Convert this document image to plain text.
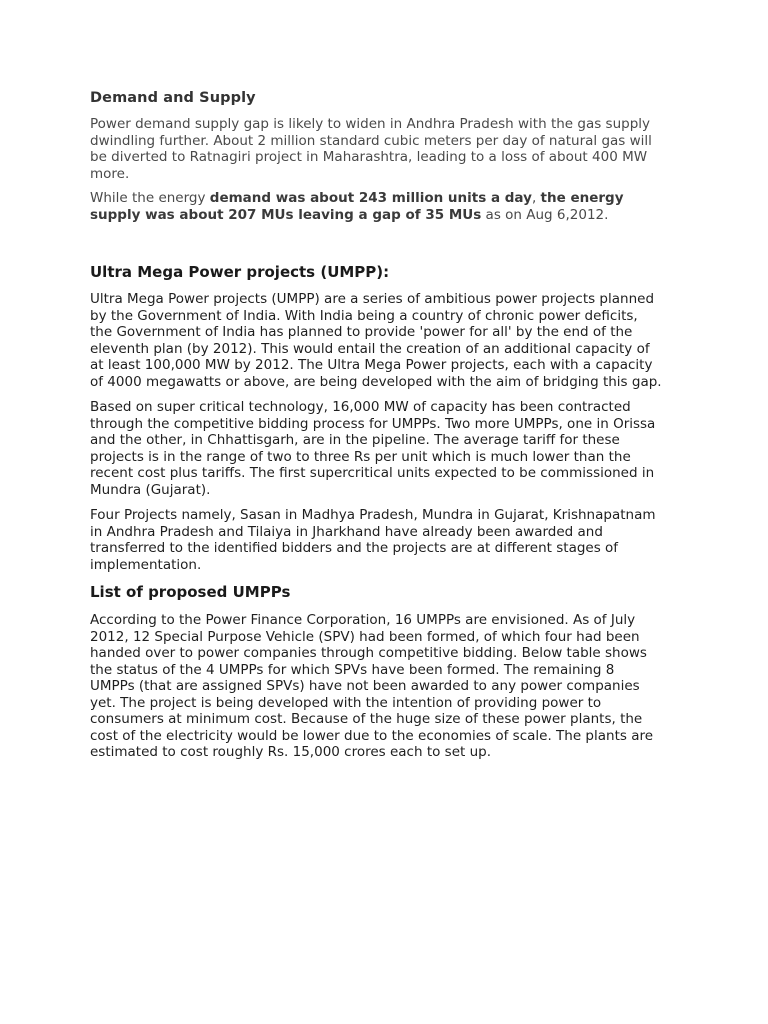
Demand and Supply

Power demand supply gap is likely to widen in Andhra Pradesh with the gas supply
dwindling further. About 2 million standard cubic meters per day of natural gas will
be diverted to Ratnagiri project in Maharashtra, leading to a loss of about 400 MW
more.

While the energy demand was about 243 million units a day, the energy
supply was about 207 MUs leaving a gap of 35 MUs as on Aug 6,2012.

Ultra Mega Power projects (UMPP):

Ultra Mega Power projects (UMPP) are a series of ambitious power projects planned
by the Government of India. With India being a country of chronic power deficits,
the Government of India has planned to provide 'power for all' by the end of the
eleventh plan (by 2012). This would entail the creation of an additional capacity of
at least 100,000 MW by 2012. The Ultra Mega Power projects, each with a capacity
of 4000 megawatts or above, are being developed with the aim of bridging this gap.

Based on super critical technology, 16,000 MW of capacity has been contracted
through the competitive bidding process for UMPPs. Two more UMPPs, one in Orissa
and the other, in Chhattisgarh, are in the pipeline. The average tariff for these
projects is in the range of two to three Rs per unit which is much lower than the
recent cost plus tariffs. The first supercritical units expected to be commissioned in
Mundra (Gujarat).

Four Projects namely, Sasan in Madhya Pradesh, Mundra in Gujarat, Krishnapatnam
in Andhra Pradesh and Tilaiya in Jharkhand have already been awarded and
transferred to the identified bidders and the projects are at different stages of
implementation.

List of proposed UMPPs

According to the Power Finance Corporation, 16 UMPPs are envisioned. As of July
2012, 12 Special Purpose Vehicle (SPV) had been formed, of which four had been
handed over to power companies through competitive bidding. Below table shows
the status of the 4 UMPPs for which SPVs have been formed. The remaining 8
UMPPs (that are assigned SPVs) have not been awarded to any power companies
yet. The project is being developed with the intention of providing power to
consumers at minimum cost. Because of the huge size of these power plants, the
cost of the electricity would be lower due to the economies of scale. The plants are
estimated to cost roughly Rs. 15,000 crores each to set up.
